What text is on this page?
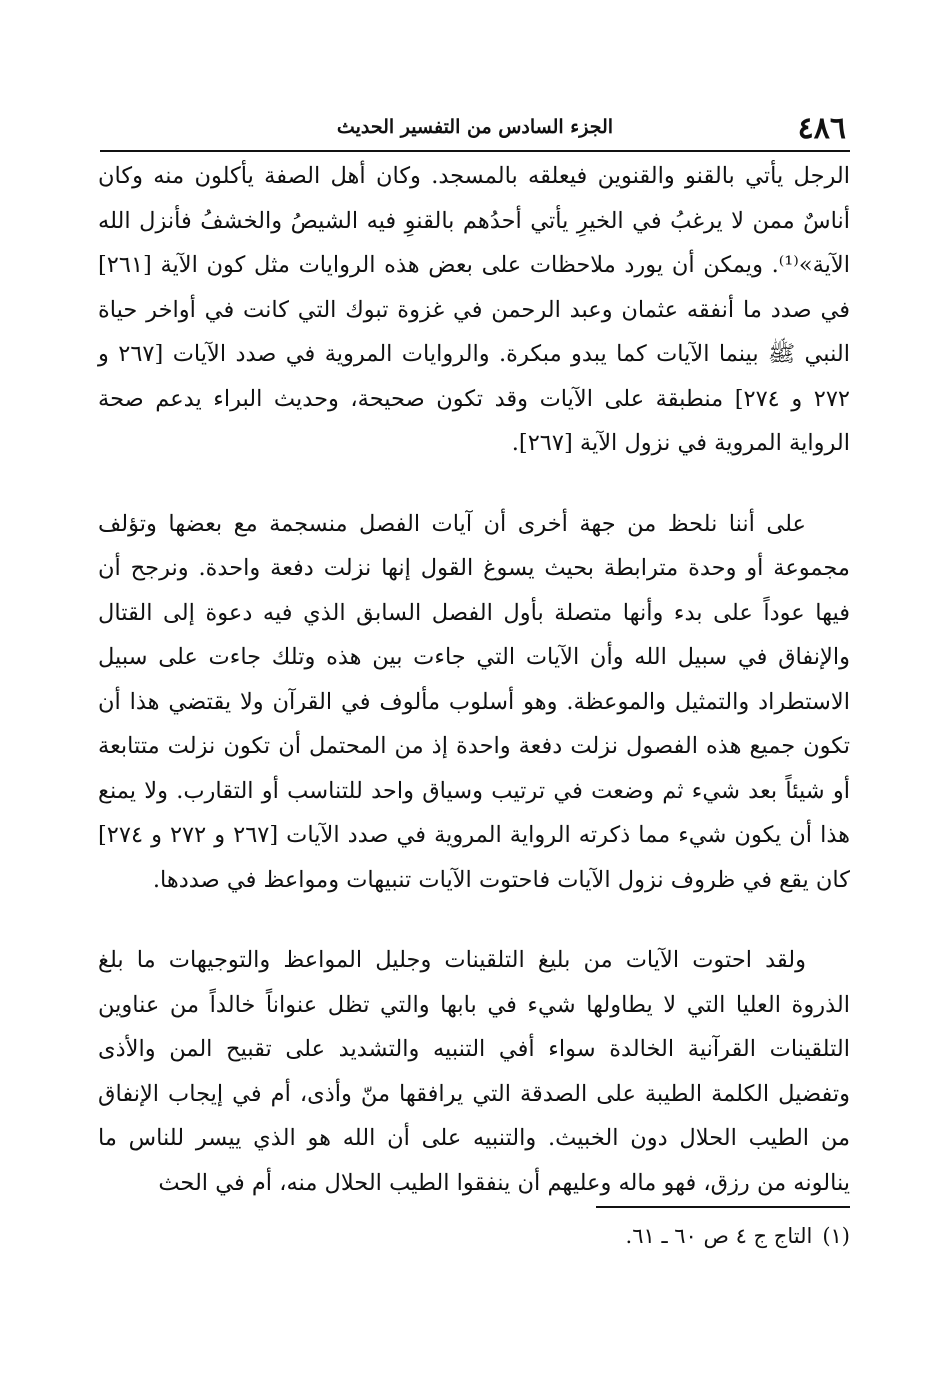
٤٨٦
الجزء السادس من التفسير الحديث

الرجل يأتي بالقنو والقنوين فيعلقه بالمسجد. وكان أهل الصفة يأكلون منه وكان أناسٌ ممن لا يرغبُ في الخيرِ يأتي أحدُهم بالقنوِ فيه الشيصُ والخشفُ فأنزل الله الآية»⁽¹⁾. ويمكن أن يورد ملاحظات على بعض هذه الروايات مثل كون الآية [٢٦١] في صدد ما أنفقه عثمان وعبد الرحمن في غزوة تبوك التي كانت في أواخر حياة النبي ﷺ بينما الآيات كما يبدو مبكرة. والروايات المروية في صدد الآيات [٢٦٧ و ٢٧٢ و ٢٧٤] منطبقة على الآيات وقد تكون صحيحة، وحديث البراء يدعم صحة الرواية المروية في نزول الآية [٢٦٧].

على أننا نلحظ من جهة أخرى أن آيات الفصل منسجمة مع بعضها وتؤلف مجموعة أو وحدة مترابطة بحيث يسوغ القول إنها نزلت دفعة واحدة. ونرجح أن فيها عوداً على بدء وأنها متصلة بأول الفصل السابق الذي فيه دعوة إلى القتال والإنفاق في سبيل الله وأن الآيات التي جاءت بين هذه وتلك جاءت على سبيل الاستطراد والتمثيل والموعظة. وهو أسلوب مألوف في القرآن ولا يقتضي هذا أن تكون جميع هذه الفصول نزلت دفعة واحدة إذ من المحتمل أن تكون نزلت متتابعة أو شيئاً بعد شيء ثم وضعت في ترتيب وسياق واحد للتناسب أو التقارب. ولا يمنع هذا أن يكون شيء مما ذكرته الرواية المروية في صدد الآيات [٢٦٧ و ٢٧٢ و ٢٧٤] كان يقع في ظروف نزول الآيات فاحتوت الآيات تنبيهات ومواعظ في صددها.

ولقد احتوت الآيات من بليغ التلقينات وجليل المواعظ والتوجيهات ما بلغ الذروة العليا التي لا يطاولها شيء في بابها والتي تظل عنواناً خالداً من عناوين التلقينات القرآنية الخالدة سواء أفي التنبيه والتشديد على تقبيح المن والأذى وتفضيل الكلمة الطيبة على الصدقة التي يرافقها منّ وأذى، أم في إيجاب الإنفاق من الطيب الحلال دون الخبيث. والتنبيه على أن الله هو الذي ييسر للناس ما ينالونه من رزق، فهو ماله وعليهم أن ينفقوا الطيب الحلال منه، أم في الحث

(١)التاج ج ٤ ص ٦٠ ـ ٦١.
